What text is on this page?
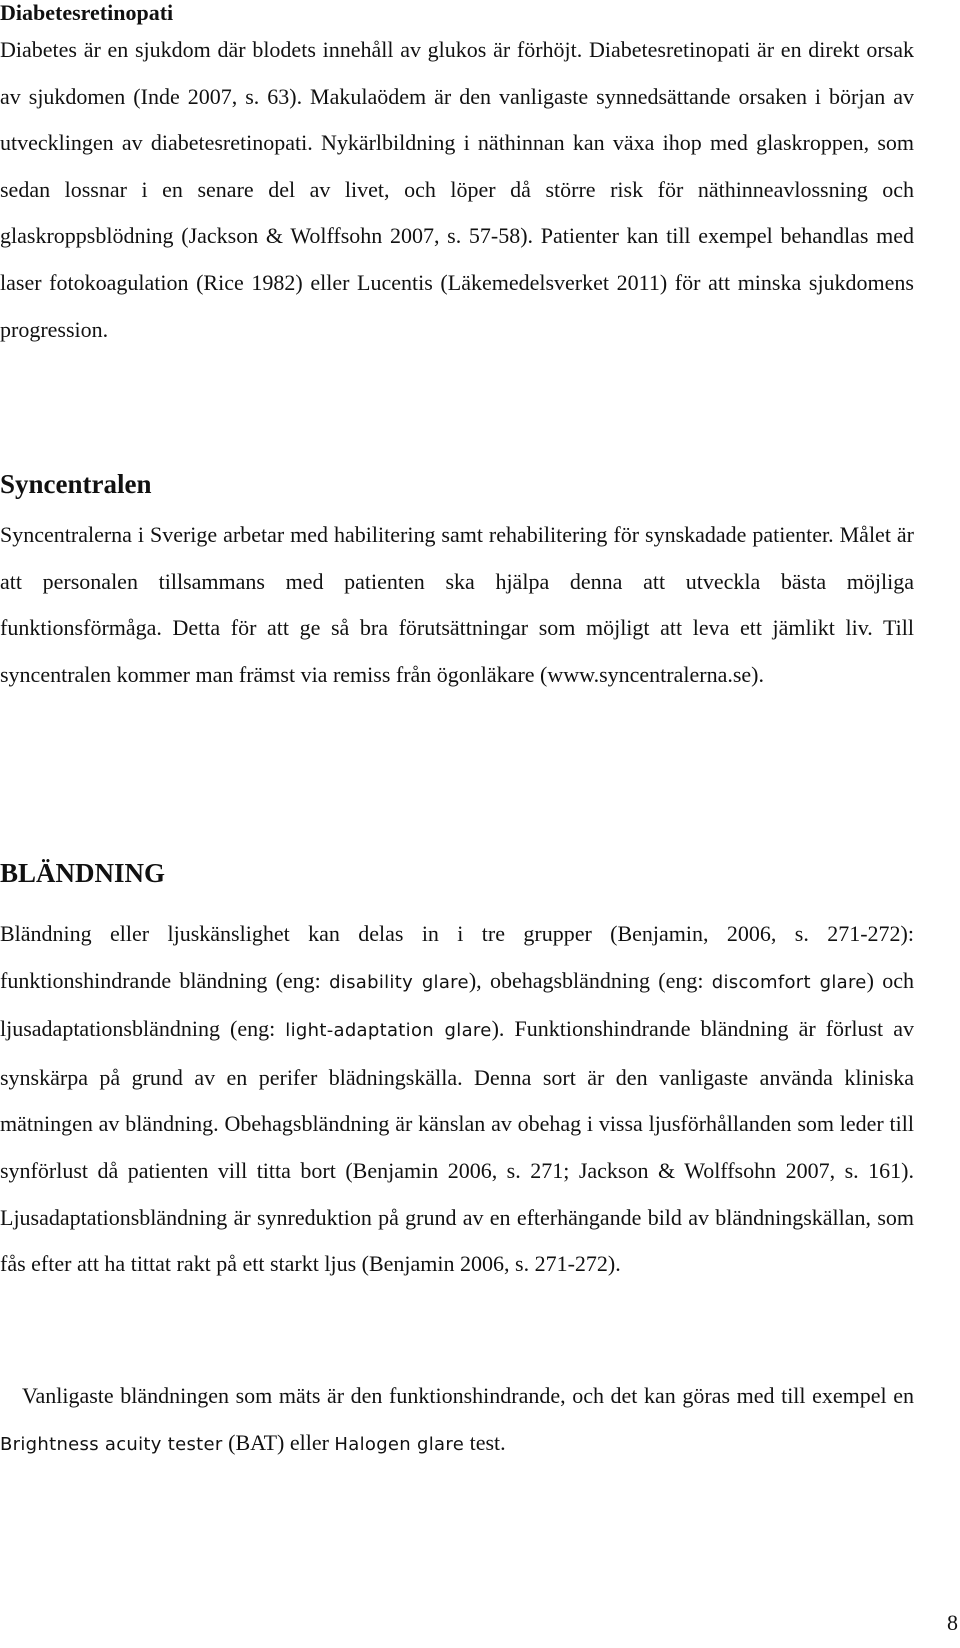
Diabetesretinopati

Diabetes är en sjukdom där blodets innehåll av glukos är förhöjt. Diabetesretinopati är en direkt orsak av sjukdomen (Inde 2007, s. 63). Makulaödem är den vanligaste synnedsättande orsaken i början av utvecklingen av diabetesretinopati. Nykärlbildning i näthinnan kan växa ihop med glaskroppen, som sedan lossnar i en senare del av livet, och löper då större risk för näthinneavlossning och glaskroppsblödning (Jackson & Wolffsohn 2007, s. 57-58). Patienter kan till exempel behandlas med laser fotokoagulation (Rice 1982) eller Lucentis (Läkemedelsverket 2011) för att minska sjukdomens progression.

Syncentralen

Syncentralerna i Sverige arbetar med habilitering samt rehabilitering för synskadade patienter. Målet är att personalen tillsammans med patienten ska hjälpa denna att utveckla bästa möjliga funktionsförmåga. Detta för att ge så bra förutsättningar som möjligt att leva ett jämlikt liv. Till syncentralen kommer man främst via remiss från ögonläkare (www.syncentralerna.se).

BLÄNDNING

Bländning eller ljuskänslighet kan delas in i tre grupper (Benjamin, 2006, s. 271-272): funktionshindrande bländning (eng: disability glare), obehagsbländning (eng: discomfort glare) och ljusadaptationsbländning (eng: light-adaptation glare). Funktionshindrande bländning är förlust av synskärpa på grund av en perifer blädningskälla. Denna sort är den vanligaste använda kliniska mätningen av bländning. Obehagsbländning är känslan av obehag i vissa ljusförhållanden som leder till synförlust då patienten vill titta bort (Benjamin 2006, s. 271; Jackson & Wolffsohn 2007, s. 161). Ljusadaptationsbländning är synreduktion på grund av en efterhängande bild av bländningskällan, som fås efter att ha tittat rakt på ett starkt ljus (Benjamin 2006, s. 271-272).

Vanligaste bländningen som mäts är den funktionshindrande, och det kan göras med till exempel en Brightness acuity tester (BAT) eller Halogen glare test.

8
